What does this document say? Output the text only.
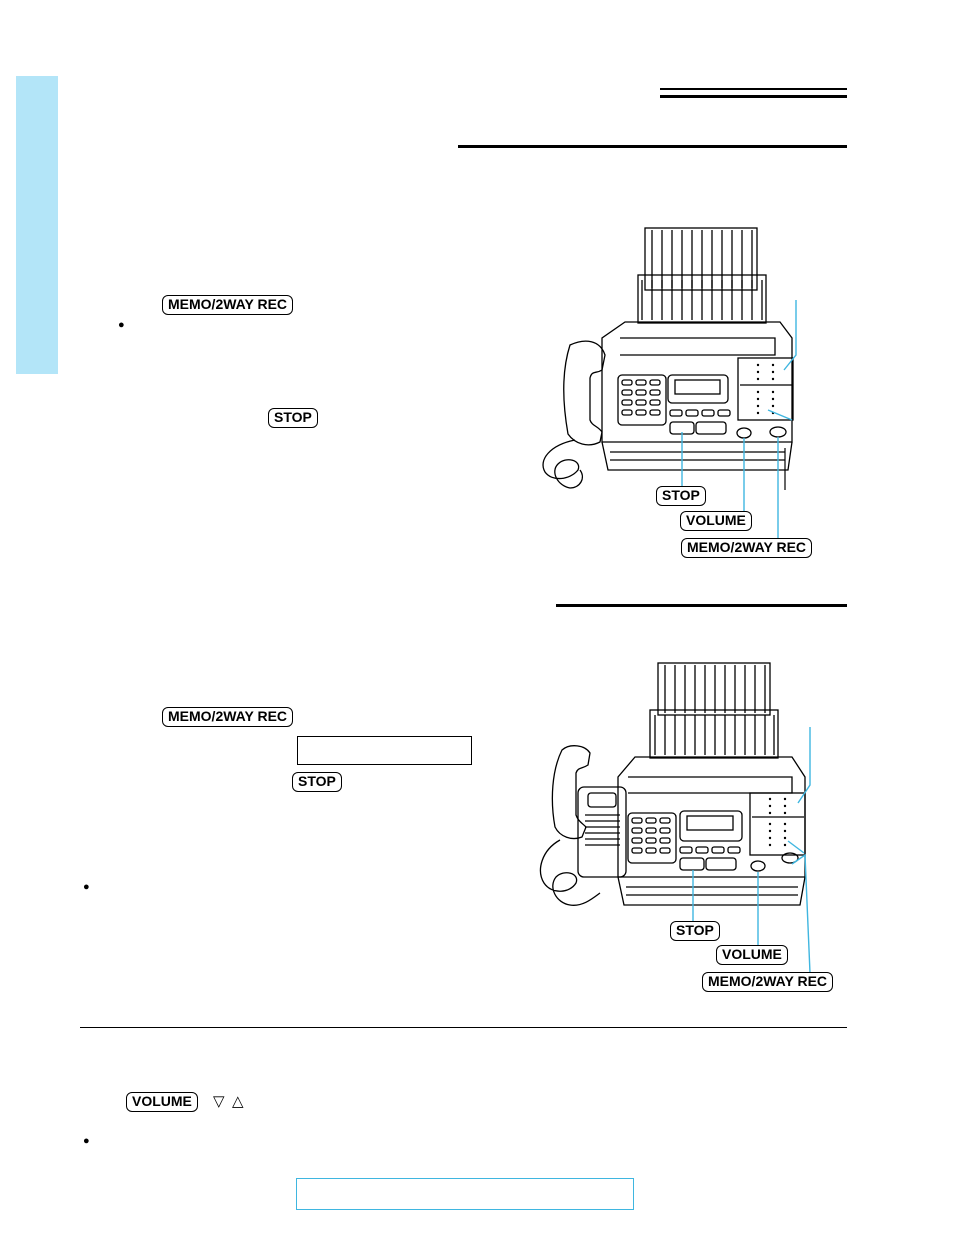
MEMO/2WAY REC
●
STOP
STOP
VOLUME
MEMO/2WAY REC
MEMO/2WAY REC
STOP
●
STOP
VOLUME
MEMO/2WAY REC
VOLUME	▽ △
●
